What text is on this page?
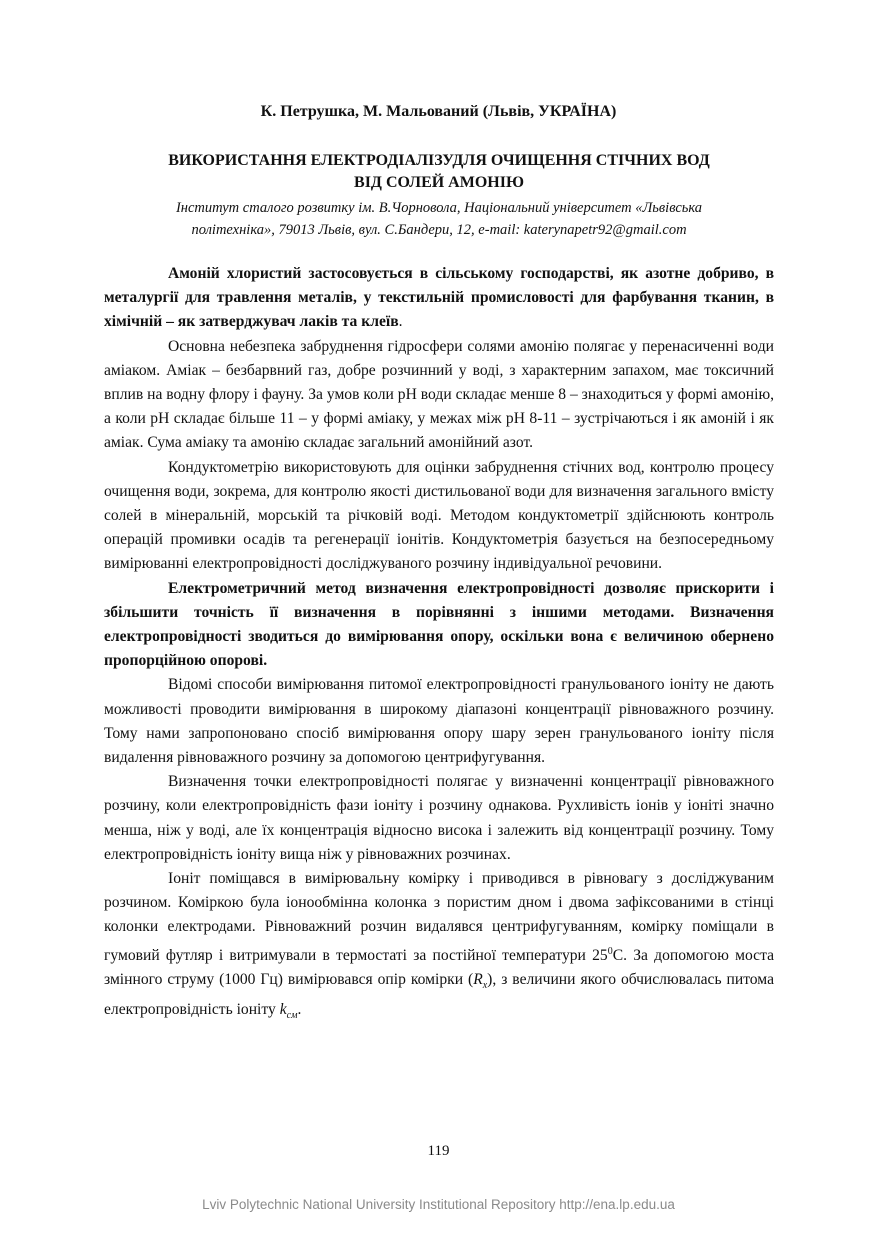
К. Петрушка, М. Мальований (Львів, УКРАЇНА)
ВИКОРИСТАННЯ ЕЛЕКТРОДІАЛІЗУДЛЯ ОЧИЩЕННЯ СТІЧНИХ ВОД
ВІД СОЛЕЙ АМОНІЮ
Інститут сталого розвитку ім. В.Чорновола, Національний університет «Львівська
політехніка», 79013 Львів, вул. С.Бандери, 12, e-mail: katerynapetr92@gmail.com

Амоній хлористий застосовується в сільському господарстві, як азотне добриво, в металургії для травлення металів, у текстильній промисловості для фарбування тканин, в хімічній – як затверджувач лаків та клеїв.

Основна небезпека забруднення гідросфери солями амонію полягає у перенасиченні води аміаком. Аміак – безбарвний газ, добре розчинний у воді, з характерним запахом, має токсичний вплив на водну флору і фауну. За умов коли pH води складає менше 8 – знаходиться у формі амонію, а коли pH складає більше 11 – у формі аміаку, у межах між pH 8-11 – зустрічаються і як амоній і як аміак. Сума аміаку та амонію складає загальний амонійний азот.

Кондуктометрію використовують для оцінки забруднення стічних вод, контролю процесу очищення води, зокрема, для контролю якості дистильованої води для визначення загального вмісту солей в мінеральній, морській та річковій воді. Методом кондуктометрії здійснюють контроль операцій промивки осадів та регенерації іонітів. Кондуктометрія базується на безпосередньому вимірюванні електропровідності досліджуваного розчину індивідуальної речовини.

Електрометричний метод визначення електропровідності дозволяє прискорити і збільшити точність її визначення в порівнянні з іншими методами. Визначення електропровідності зводиться до вимірювання опору, оскільки вона є величиною обернено пропорційною опорові.

Відомі способи вимірювання питомої електропровідності гранульованого іоніту не дають можливості проводити вимірювання в широкому діапазоні концентрації рівноважного розчину. Тому нами запропоновано спосіб вимірювання опору шару зерен гранульованого іоніту після видалення рівноважного розчину за допомогою центрифугування.

Визначення точки електропровідності полягає у визначенні концентрації рівноважного розчину, коли електропровідність фази іоніту і розчину однакова. Рухливість іонів у іоніті значно менша, ніж у воді, але їх концентрація відносно висока і залежить від концентрації розчину. Тому електропровідність іоніту вища ніж у рівноважних розчинах.

Іоніт поміщався в вимірювальну комірку і приводився в рівновагу з досліджуваним розчином. Коміркою була іонообмінна колонка з пористим дном і двома зафіксованими в стінці колонки електродами. Рівноважний розчин видалявся центрифугуванням, комірку поміщали в гумовий футляр і витримували в термостаті за постійної температури $25^0С$. За допомогою моста змінного струму (1000 Гц) вимірювався опір комірки $(R_x)$, з величини якого обчислювалась питома електропровідність іоніту $k_{см}$.

119
Lviv Polytechnic National University Institutional Repository http://ena.lp.edu.ua
